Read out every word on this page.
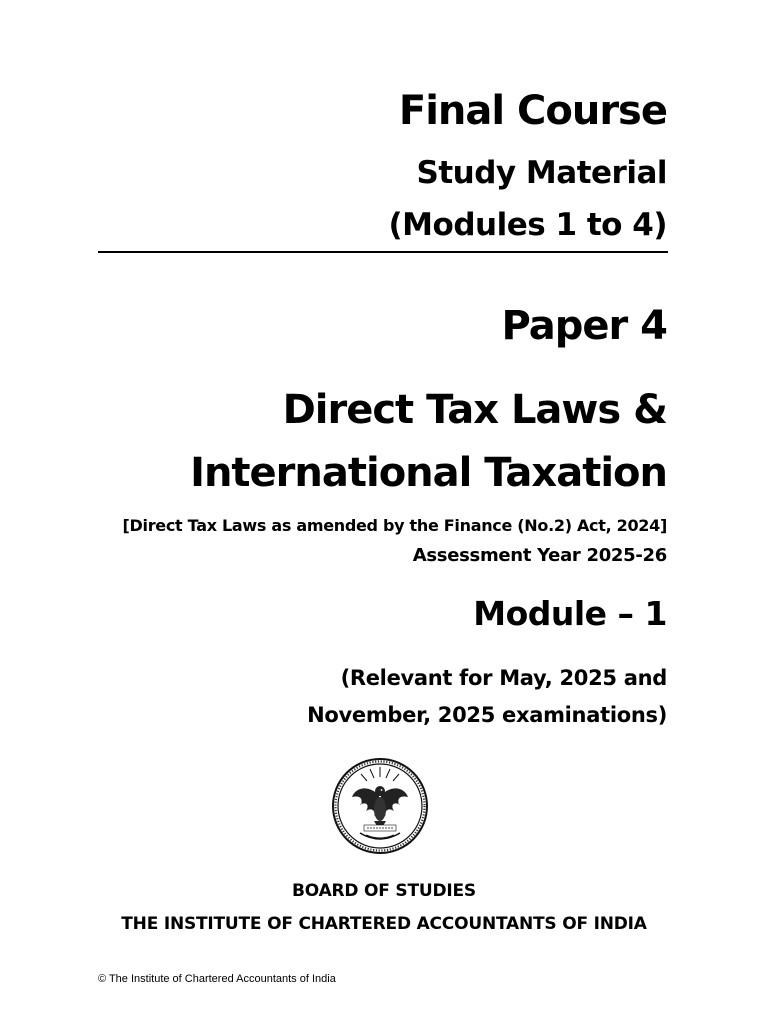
Final Course
Study Material
(Modules 1 to 4)
Paper 4
Direct Tax Laws &
International Taxation
[Direct Tax Laws as amended by the Finance (No.2) Act, 2024]
Assessment Year 2025-26
Module – 1
(Relevant for May, 2025 and
November, 2025 examinations)
BOARD OF STUDIES
THE INSTITUTE OF CHARTERED ACCOUNTANTS OF INDIA
© The Institute of Chartered Accountants of India
